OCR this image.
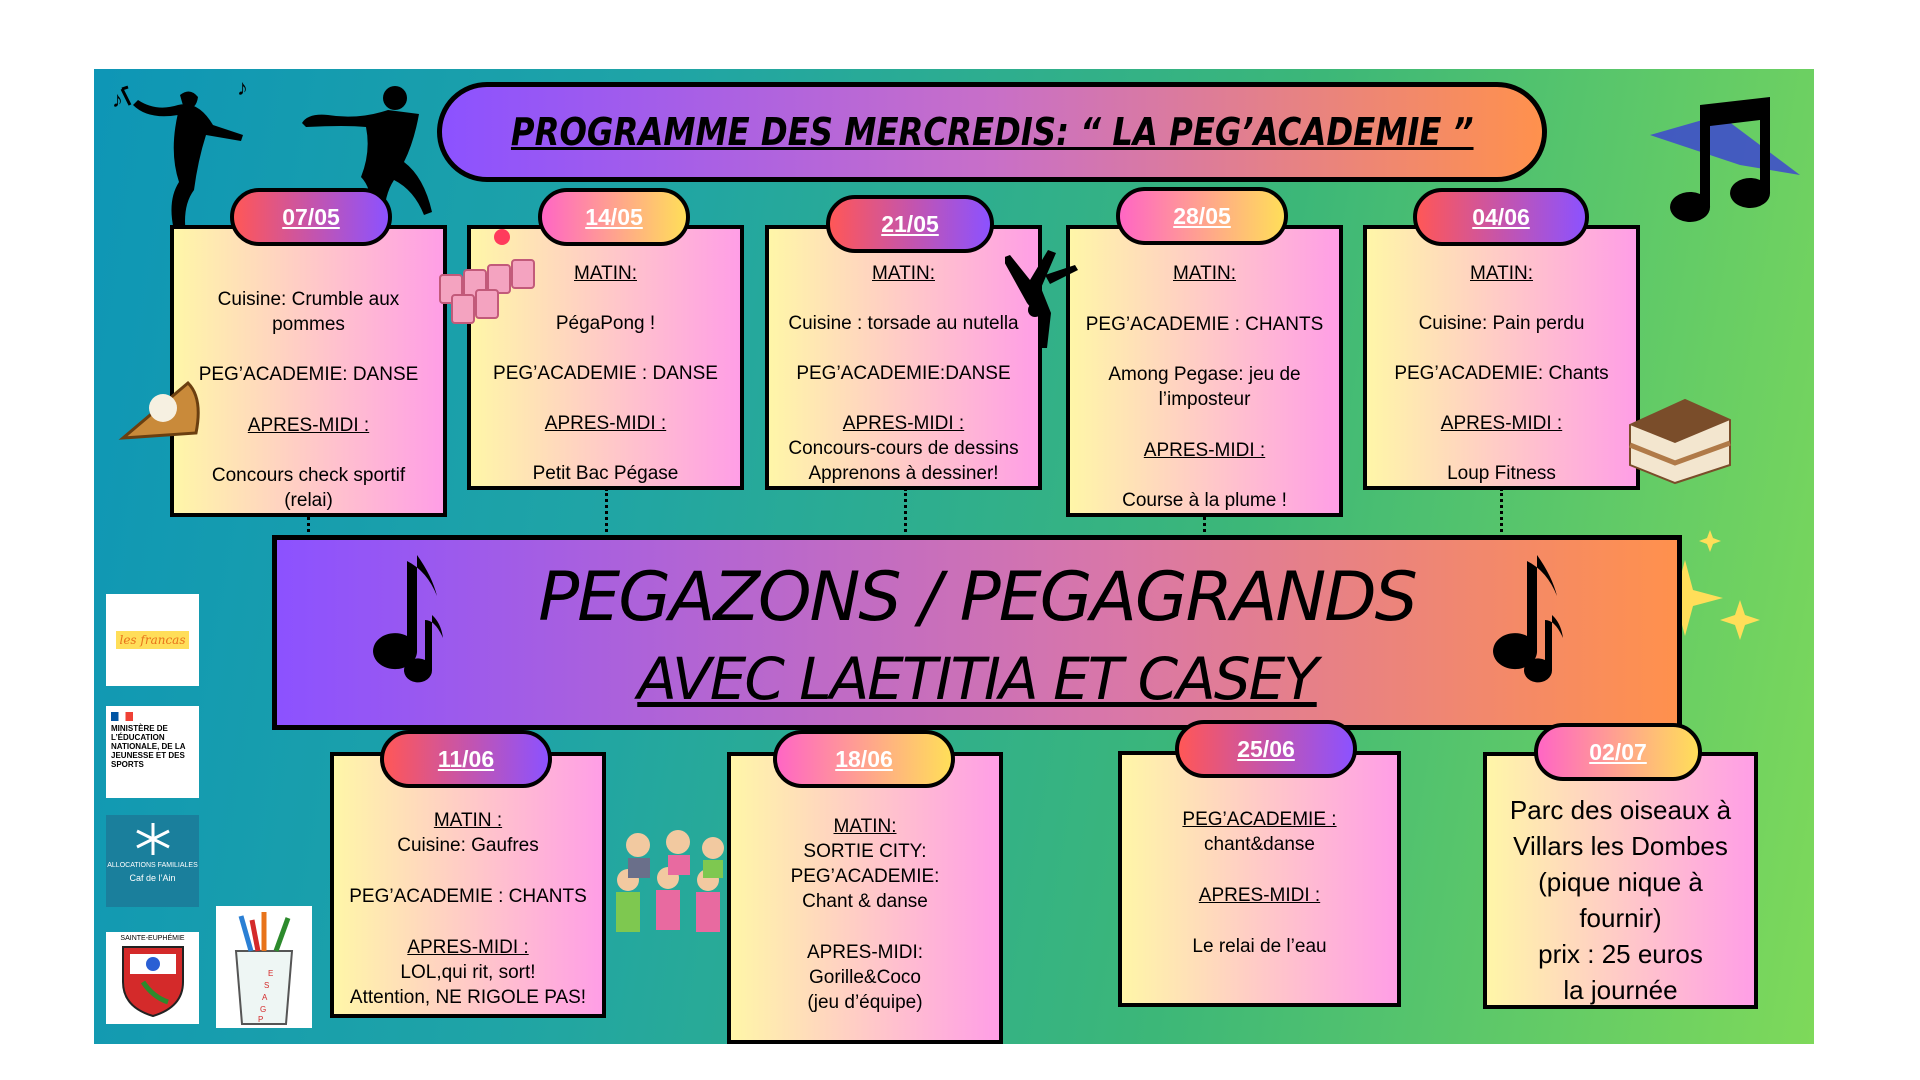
♪	♪
PROGRAMME DES MERCREDIS: “ LA PEG’ACADEMIE ”
Cuisine: Crumble aux
pommes
PEG’ACADEMIE: DANSE
APRES-MIDI :
Concours check sportif
(relai)
07/05
MATIN:
PégaPong !
PEG’ACADEMIE : DANSE
APRES-MIDI :
Petit Bac Pégase
14/05
MATIN:
Cuisine : torsade au nutella
PEG’ACADEMIE:DANSE
APRES-MIDI :
Concours-cours de dessins
Apprenons à dessiner!
21/05
MATIN:
PEG’ACADEMIE : CHANTS
Among Pegase: jeu de
l’imposteur
APRES-MIDI :
Course à la plume !
28/05
MATIN:
Cuisine: Pain perdu
PEG’ACADEMIE: Chants
APRES-MIDI :
Loup Fitness
04/06
PEGAZONS / PEGAGRANDS
AVEC LAETITIA ET CASEY
MATIN :
Cuisine: Gaufres
PEG’ACADEMIE : CHANTS
APRES-MIDI :
LOL,qui rit, sort!
Attention, NE RIGOLE PAS!
11/06
MATIN:
SORTIE CITY:
PEG’ACADEMIE:
Chant & danse
APRES-MIDI:
Gorille&Coco
(jeu d’équipe)
18/06
PEG’ACADEMIE :
chant&danse
APRES-MIDI :
Le relai de l’eau
25/06
Parc des oiseaux à
Villars les Dombes
(pique nique à
fournir)
prix : 25 euros
la journée
02/07
les francas
MINISTÈRE DE L’ÉDUCATION NATIONALE, DE LA JEUNESSE ET DES SPORTS
ALLOCATIONS FAMILIALES
Caf de l’Ain
SAINTE-EUPHÉMIE
E
S
A
G
P
